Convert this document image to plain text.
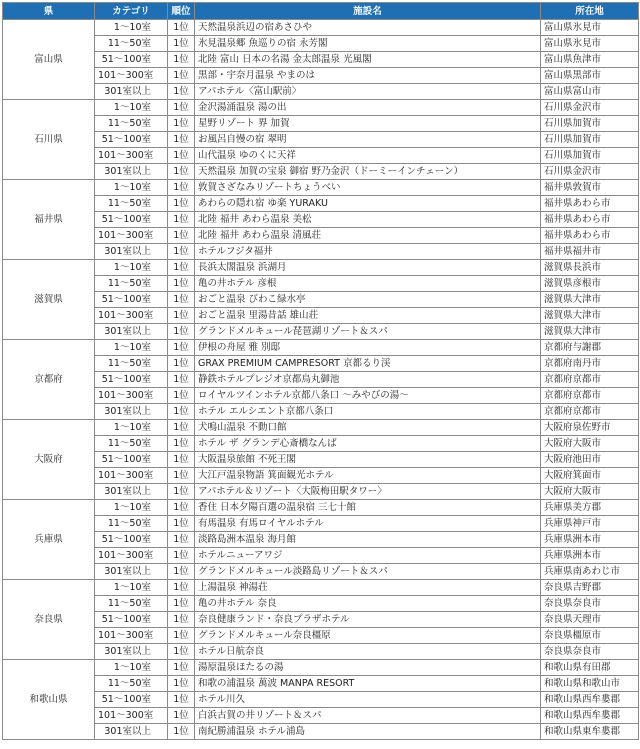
県	カテゴリ	順位	施設名	所在地
富山県	1～10室	1位	天然温泉浜辺の宿あさひや	富山県氷見市
	11～50室	1位	氷見温泉郷 魚巡りの宿 永芳閣	富山県氷見市
	51～100室	1位	北陸 富山 日本の名湯 金太郎温泉 光風閣	富山県魚津市
	101～300室	1位	黒部・宇奈月温泉 やまのは	富山県黒部市
	301室以上	1位	アパホテル〈富山駅前〉	富山県富山市
石川県	1～10室	1位	金沢湯涌温泉 湯の出	石川県金沢市
	11～50室	1位	星野リゾート 界 加賀	石川県加賀市
	51～100室	1位	お風呂自慢の宿 翠明	石川県加賀市
	101～300室	1位	山代温泉 ゆのくに天祥	石川県加賀市
	301室以上	1位	天然温泉 加賀の宝泉 御宿 野乃金沢（ドーミーインチェーン）	石川県金沢市
福井県	1～10室	1位	敦賀さざなみリゾートちょうべい	福井県敦賀市
	11～50室	1位	あわらの隠れ宿 ゆ楽 YURAKU	福井県あわら市
	51～100室	1位	北陸 福井 あわら温泉 美松	福井県あわら市
	101～300室	1位	北陸 福井 あわら温泉 清風荘	福井県あわら市
	301室以上	1位	ホテルフジタ福井	福井県福井市
滋賀県	1～10室	1位	長浜太閤温泉 浜湖月	滋賀県長浜市
	11～50室	1位	亀の井ホテル 彦根	滋賀県彦根市
	51～100室	1位	おごと温泉 びわこ緑水亭	滋賀県大津市
	101～300室	1位	おごと温泉 里湯昔話 雄山荘	滋賀県大津市
	301室以上	1位	グランドメルキュール琵琶湖リゾート＆スパ	滋賀県大津市
京都府	1～10室	1位	伊根の舟屋 雅 別邸	京都府与謝郡
	11～50室	1位	GRAX PREMIUM CAMPRESORT 京都るり渓	京都府南丹市
	51～100室	1位	静鉄ホテルプレジオ京都烏丸御池	京都府京都市
	101～300室	1位	ロイヤルツインホテル京都八条口 ～みやびの湯～	京都府京都市
	301室以上	1位	ホテル エルシエント京都八条口	京都府京都市
大阪府	1～10室	1位	犬鳴山温泉 不動口館	大阪府泉佐野市
	11～50室	1位	ホテル ザ グランデ心斎橋なんば	大阪府大阪市
	51～100室	1位	大阪温泉旅館 不死王閣	大阪府池田市
	101～300室	1位	大江戸温泉物語 箕面観光ホテル	大阪府箕面市
	301室以上	1位	アパホテル＆リゾート〈大阪梅田駅タワー〉	大阪府大阪市
兵庫県	1～10室	1位	香住 日本夕陽百選の温泉宿 三七十館	兵庫県美方郡
	11～50室	1位	有馬温泉 有馬ロイヤルホテル	兵庫県神戸市
	51～100室	1位	淡路島洲本温泉 海月館	兵庫県洲本市
	101～300室	1位	ホテルニューアワジ	兵庫県洲本市
	301室以上	1位	グランドメルキュール淡路島リゾート＆スパ	兵庫県南あわじ市
奈良県	1～10室	1位	上湯温泉 神湯荘	奈良県吉野郡
	11～50室	1位	亀の井ホテル 奈良	奈良県奈良市
	51～100室	1位	奈良健康ランド・奈良プラザホテル	奈良県天理市
	101～300室	1位	グランドメルキュール奈良橿原	奈良県橿原市
	301室以上	1位	ホテル日航奈良	奈良県奈良市
和歌山県	1～10室	1位	湯原温泉ほたるの湯	和歌山県有田郡
	11～50室	1位	和歌の浦温泉 萬波 MANPA RESORT	和歌山県和歌山市
	51～100室	1位	ホテル川久	和歌山県西牟婁郡
	101～300室	1位	白浜古賀の井リゾート＆スパ	和歌山県西牟婁郡
	301室以上	1位	南紀勝浦温泉 ホテル浦島	和歌山県東牟婁郡
